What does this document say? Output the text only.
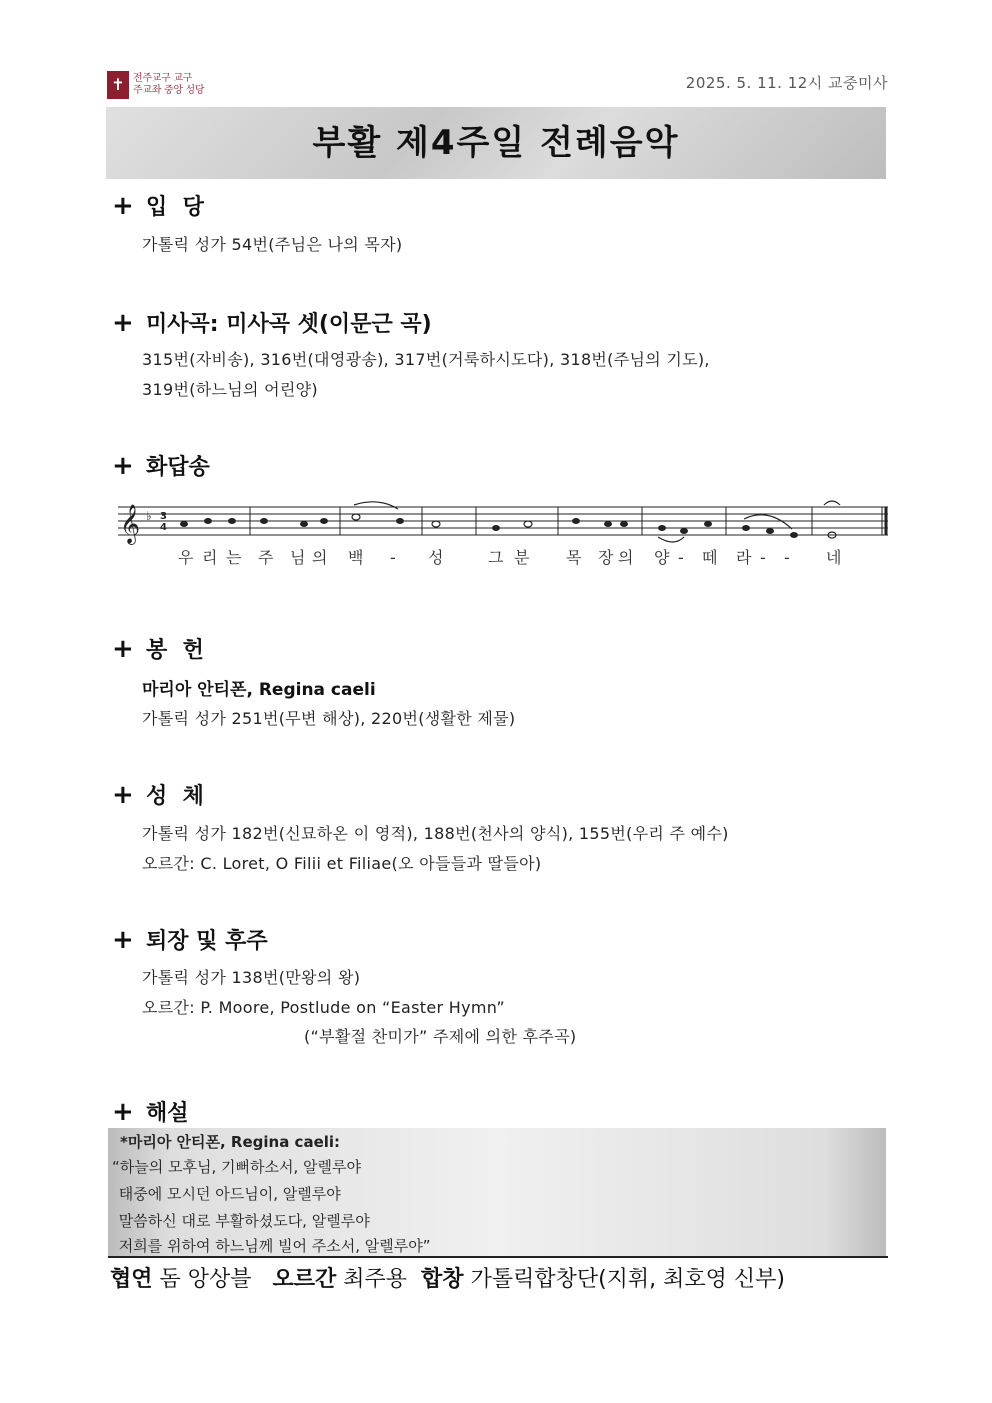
✝ 전주교구 교구
주교좌 중앙 성당	2025. 5. 11. 12시 교중미사
부활 제4주일 전례음악
+ 입  당
가톨릭 성가 54번(주님은 나의 목자)
+ 미사곡: 미사곡 셋(이문근 곡)
315번(자비송), 316번(대영광송), 317번(거룩하시도다), 318번(주님의 기도),
319번(하느님의 어린양)
+ 화답송
𝄞 ♭ 3
4
우 리 는 주 님 의 백 - 성	그 분 목 장 의 양 - 떼 라 - - 네
+ 봉  헌
마리아 안티폰, Regina caeli
가톨릭 성가 251번(무변 해상), 220번(생활한 제물)
+ 성  체
가톨릭 성가 182번(신묘하온 이 영적), 188번(천사의 양식), 155번(우리 주 예수)
오르간: C. Loret, O Filii et Filiae(오 아들들과 딸들아)
+ 퇴장 및 후주
가톨릭 성가 138번(만왕의 왕)
오르간: P. Moore, Postlude on “Easter Hymn”
(“부활절 찬미가” 주제에 의한 후주곡)
+ 해설
*마리아 안티폰, Regina caeli:
“하늘의 모후님, 기뻐하소서, 알렐루야
태중에 모시던 아드님이, 알렐루야
말씀하신 대로 부활하셨도다, 알렐루야
저희를 위하여 하느님께 빌어 주소서, 알렐루야”
협연 돔 앙상블 오르간 최주용 합창 가톨릭합창단(지휘, 최호영 신부)
